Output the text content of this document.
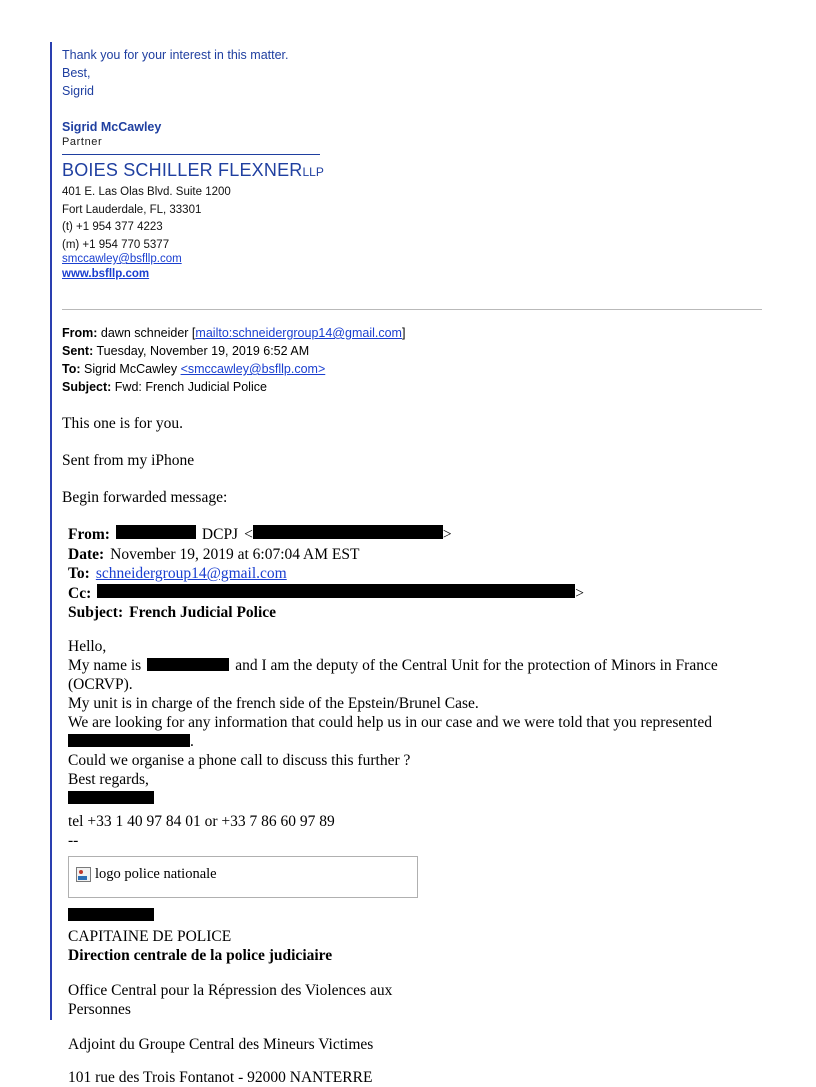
Thank you for your interest in this matter.
Best,
Sigrid
Sigrid McCawley
Partner
BOIES SCHILLER FLEXNERLLP
401 E. Las Olas Blvd. Suite 1200
Fort Lauderdale, FL, 33301
(t) +1 954 377 4223
(m) +1 954 770 5377
smccawley@bsfllp.com
www.bsfllp.com
From: dawn schneider [mailto:schneidergroup14@gmail.com]
Sent: Tuesday, November 19, 2019 6:52 AM
To: Sigrid McCawley <smccawley@bsfllp.com>
Subject: Fwd: French Judicial Police
This one is for you.
Sent from my iPhone
Begin forwarded message:
From:	DCPJ <	>
Date: November 19, 2019 at 6:07:04 AM EST
To: schneidergroup14@gmail.com
Cc:	>
Subject: French Judicial Police
Hello,
My name is	and I am the deputy of the Central Unit for the protection of Minors in France
(OCRVP).
My unit is in charge of the french side of the Epstein/Brunel Case.
We are looking for any information that could help us in our case and we were told that you represented
.
Could we organise a phone call to discuss this further ?
Best regards,
tel +33 1 40 97 84 01 or +33 7 86 60 97 89
--
logo police nationale
CAPITAINE DE POLICE
Direction centrale de la police judiciaire
Office Central pour la Répression des Violences aux
Personnes
Adjoint du Groupe Central des Mineurs Victimes
101 rue des Trois Fontanot - 92000 NANTERRE
